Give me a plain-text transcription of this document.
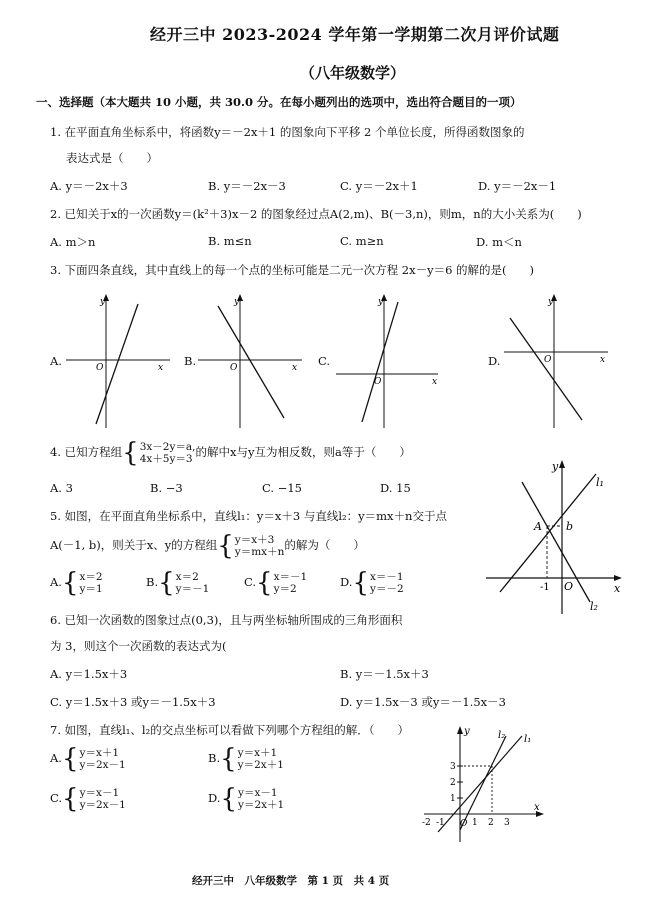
经开三中 2023-2024 学年第一学期第二次月评价试题
（八年级数学）
一、选择题（本大题共 10 小题，共 30.0 分。在每小题列出的选项中，选出符合题目的一项）
1. 在平面直角坐标系中，将函数y＝－2x＋1 的图象向下平移 2 个单位长度，所得函数图象的
表达式是（　　）
A. y＝－2x＋3	B. y＝－2x－3	C. y＝－2x＋1	D. y＝－2x－1
2. 已知关于x的一次函数y＝(k²＋3)x－2 的图象经过点A(2,m)、B(－3,n)，则m，n的大小关系为(　　)
A. m＞n	B. m≤n	C. m≥n	D. m＜n
3. 下面四条直线，其中直线上的每一个点的坐标可能是二元一次方程 2x－y＝6 的解的是(　　)
A.	B.	C.	D.
y
x
O
y
x
O
y
x
O
y
x
O
4. 已知方程组{3x－2y＝a,
4x＋5y＝3 的解中x与y互为相反数，则a等于（　　）
A. 3	B. −3	C. −15	D. 15
5. 如图，在平面直角坐标系中，直线l₁：y＝x＋3 与直线l₂：y＝mx＋n交于点
A(－1, b)，则关于x、y的方程组{y＝x＋3
y＝mx＋n的解为（　　）
A.{x＝2
y＝1	B.{x＝2
y＝－1	C.{x＝－1
y＝2	D.{x＝－1
y＝－2
y
x
l₁
l₂
A b
-1 O
6. 已知一次函数的图象过点(0,3)，且与两坐标轴所围成的三角形面积
为 3，则这个一次函数的表达式为(
A. y＝1.5x＋3	B. y＝－1.5x＋3
C. y＝1.5x＋3 或y＝－1.5x＋3	D. y＝1.5x－3 或y＝－1.5x－3
7. 如图，直线l₁、l₂的交点坐标可以看做下列哪个方程组的解．（　　）
A.{y＝x＋1
y＝2x－1	B.{y＝x＋1
y＝2x＋1
C.{y＝x－1
y＝2x－1	D.{y＝x－1
y＝2x＋1
y
x
l₁
l₂
3
2
1
-2 -1	1 2 3
O
经开三中　八年级数学　第 1 页　共 4 页
